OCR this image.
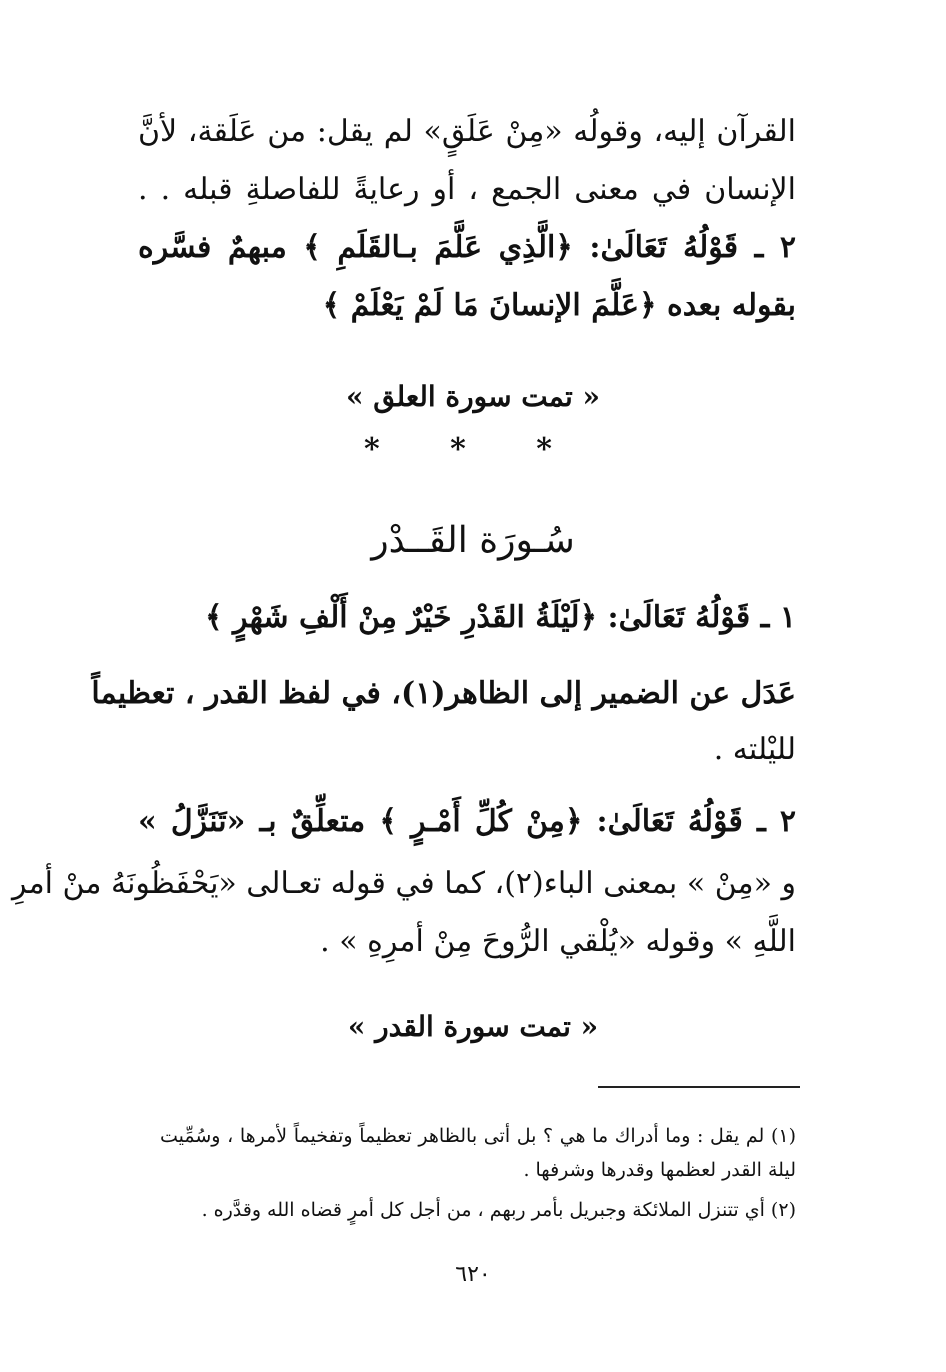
القرآن إليه، وقولُه «مِنْ عَلَقٍ» لم يقل: من عَلَقة، لأنَّ
الإنسان في معنى الجمع ، أو رعايةً للفاصلةِ قبله . .
٢ ـ قَوْلُهُ تَعَالَىٰ: ﴿الَّذِي عَلَّمَ بـالقَلَمِ ﴾ مبهمٌ فسَّره
بقوله بعده ﴿عَلَّمَ الإنسانَ مَا لَمْ يَعْلَمْ ﴾
« تمت سورة العلق »
* * *
سُـورَة القَــدْر
١ ـ قَوْلُهُ تَعَالَىٰ: ﴿لَيْلَةُ القَدْرِ خَيْرٌ مِنْ أَلْفِ شَهْرٍ ﴾
عَدَل عن الضمير إلى الظاهر(١)، في لفظ القدر ، تعظيماً
لليْلته .
٢ ـ قَوْلُهُ تَعَالَىٰ: ﴿مِنْ كُلِّ أَمْـرٍ ﴾ متعلِّقٌ بـ «تَنَزَّلُ »
و «مِنْ » بمعنى الباء(٢)، كما في قوله تعـالى «يَحْفَظُونَهُ منْ أمرِ
اللَّهِ » وقوله «يُلْقي الرُّوحَ مِنْ أمرِهِ » .
« تمت سورة القدر »
(١) لم يقل : وما أدراك ما هي ؟ بل أتى بالظاهر تعظيماً وتفخيماً لأمرها ، وسُمِّيت
ليلة القدر لعظمها وقدرها وشرفها .
(٢) أي تتنزل الملائكة وجبريل بأمر ربهم ، من أجل كل أمرٍ قضاه الله وقدَّره .
٦٢٠
